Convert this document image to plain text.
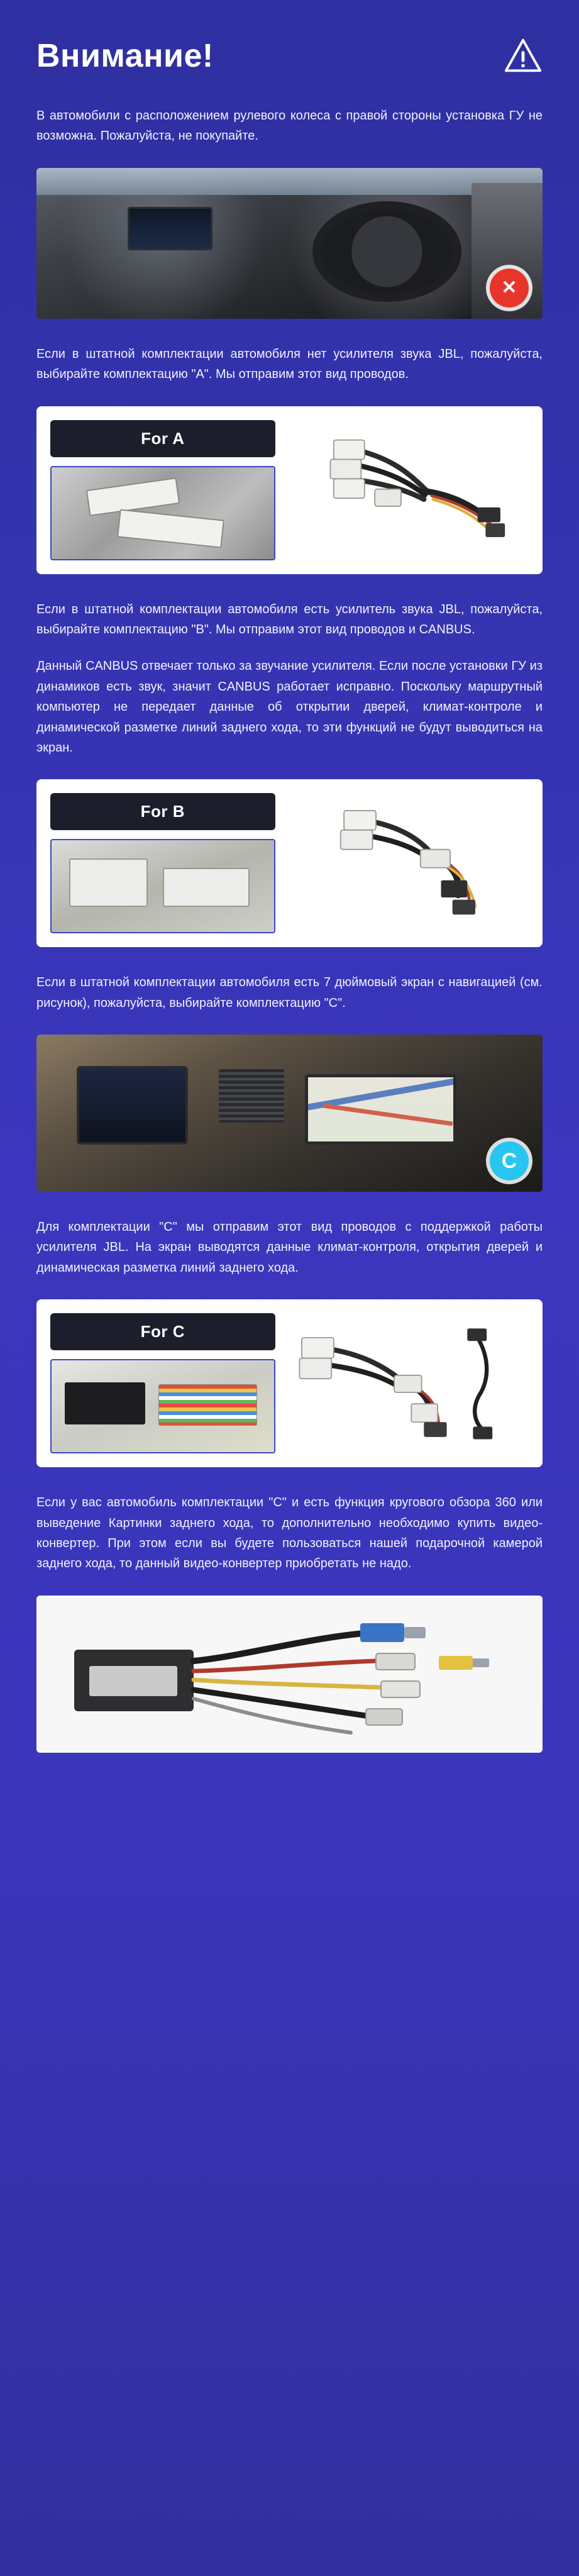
Внимание!

В автомобили с расположением рулевого колеса с правой стороны установка ГУ не возможна. Пожалуйста, не покупайте.

✕

Если в штатной комплектации автомобиля нет усилителя звука JBL, пожалуйста, выбирайте комплектацию "A". Мы отправим этот вид проводов.

For A

Если в штатной комплектации автомобиля есть усилитель звука JBL, пожалуйста, выбирайте комплектацию "B". Мы отправим этот вид проводов и CANBUS.

Данный CANBUS отвечает только за звучание усилителя. Если после установки ГУ из динамиков есть звук, значит CANBUS работает исправно. Поскольку маршрутный компьютер не передает данные об открытии дверей, климат-контроле и динамической разметке линий заднего хода, то эти функций не будут выводиться на экран.

For B

Если в штатной комплектации автомобиля есть 7 дюймовый экран с навигацией (см. рисунок), пожалуйста, выбирайте комплектацию "C".

C

Для комплектации "C" мы отправим этот вид проводов с поддержкой работы усилителя JBL. На экран выводятся данные климат-контроля, открытия дверей и динамическая разметка линий заднего хода.

For C

Если у вас автомобиль комплектации "C" и есть функция кругового обзора 360 или выведение Картинки заднего хода, то дополнительно необходимо купить видео-конвертер. При этом если вы будете пользоваться нашей подарочной камерой заднего хода, то данный видео-конвертер приобретать не надо.
